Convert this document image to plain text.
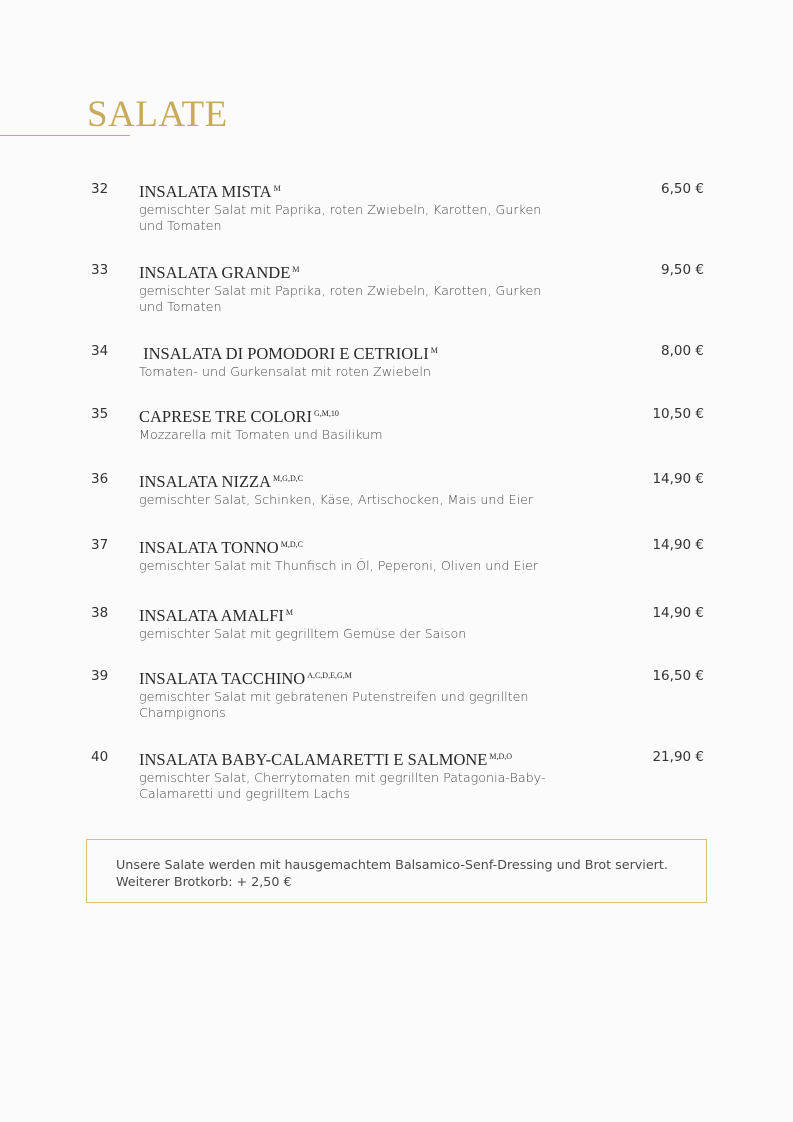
SALATE
32 INSALATA MISTA $^M$	6,50 €
gemischter Salat mit Paprika, roten Zwiebeln, Karotten, Gurken und Tomaten
33 INSALATA GRANDE $^M$	9,50 €
gemischter Salat mit Paprika, roten Zwiebeln, Karotten, Gurken und Tomaten
34 INSALATA DI POMODORI E CETRIOLI $^M$	8,00 €
Tomaten- und Gurkensalat mit roten Zwiebeln
35 CAPRESE TRE COLORI $^{G,M,10}$	10,50 €
Mozzarella mit Tomaten und Basilikum
36 INSALATA NIZZA $^{M,G,D,C}$	14,90 €
gemischter Salat, Schinken, Käse, Artischocken, Mais und Eier
37 INSALATA TONNO $^{M,D,C}$	14,90 €
gemischter Salat mit Thunfisch in Öl, Peperoni, Oliven und Eier
38 INSALATA AMALFI $^M$	14,90 €
gemischter Salat mit gegrilltem Gemüse der Saison
39 INSALATA TACCHINO $^{A,C,D,E,G,M}$	16,50 €
gemischter Salat mit gebratenen Putenstreifen und gegrillten Champignons
40 INSALATA BABY-CALAMARETTI E SALMONE $^{M,D,O}$	21,90 €
gemischter Salat, Cherrytomaten mit gegrillten Patagonia-Baby-Calamaretti und gegrilltem Lachs

Unsere Salate werden mit hausgemachtem Balsamico-Senf-Dressing und Brot serviert.

Weiterer Brotkorb: + 2,50 €
